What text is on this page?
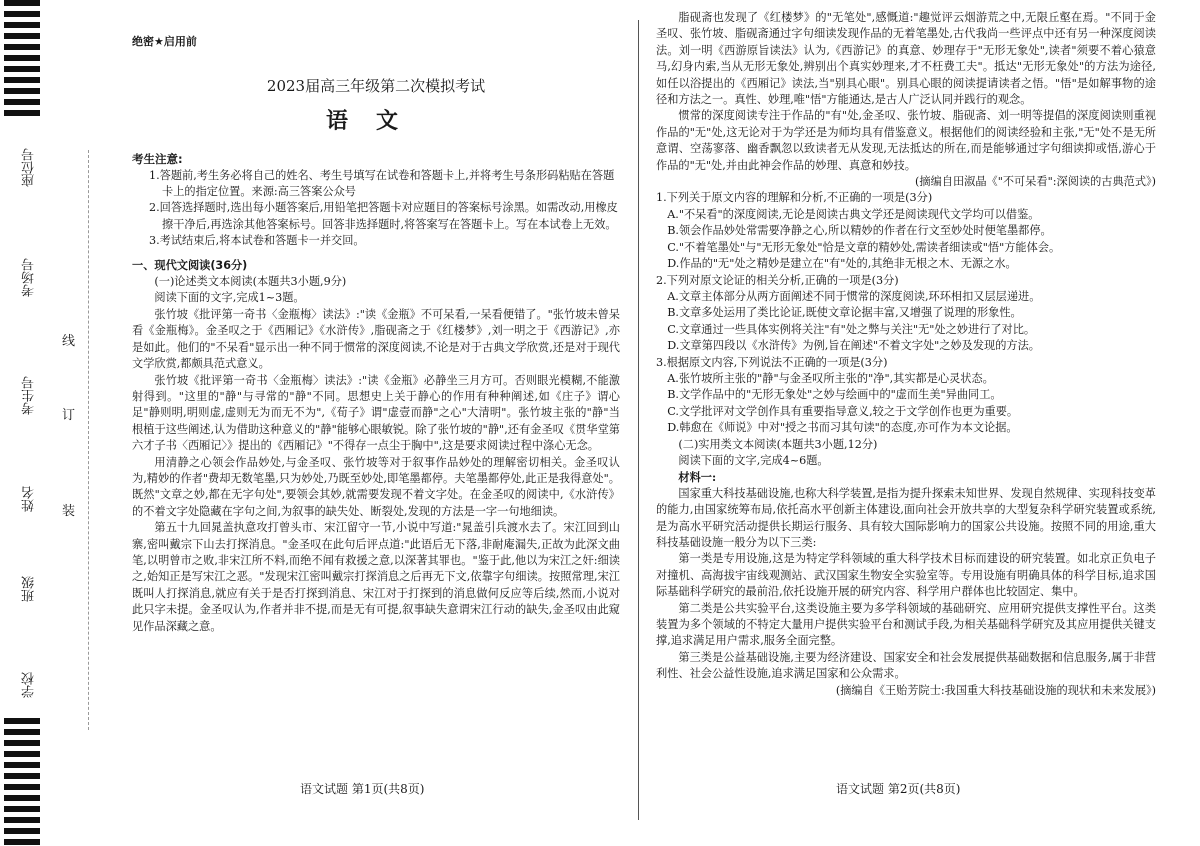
座位号
考场号
考生号
姓名
班级
学校
线
订
装
绝密★启用前
2023届高三年级第二次模拟考试
语文
考生注意:

1.答题前,考生务必将自己的姓名、考生号填写在试卷和答题卡上,并将考生号条形码粘贴在答题卡上的指定位置。来源:高三答案公众号

2.回答选择题时,选出每小题答案后,用铅笔把答题卡对应题目的答案标号涂黑。如需改动,用橡皮擦干净后,再选涂其他答案标号。回答非选择题时,将答案写在答题卡上。写在本试卷上无效。

3.考试结束后,将本试卷和答题卡一并交回。

一、现代文阅读(36分)

(一)论述类文本阅读(本题共3小题,9分)

阅读下面的文字,完成1~3题。

张竹坡《批评第一奇书〈金瓶梅〉读法》:"读《金瓶》不可呆看,一呆看便错了。"张竹坡未曾呆看《金瓶梅》。金圣叹之于《西厢记》《水浒传》,脂砚斋之于《红楼梦》,刘一明之于《西游记》,亦是如此。他们的"不呆看"显示出一种不同于惯常的深度阅读,不论是对于古典文学欣赏,还是对于现代文学欣赏,都颇具范式意义。

张竹坡《批评第一奇书〈金瓶梅〉读法》:"读《金瓶》必静坐三月方可。否则眼光模糊,不能激射得到。"这里的"静"与寻常的"静"不同。思想史上关于静心的作用有种种阐述,如《庄子》谓心足"静则明,明则虚,虚则无为而无不为",《荀子》谓"虚壹而静"之心"大清明"。张竹坡主张的"静"当根植于这些阐述,认为借助这种意义的"静"能够心眼敏锐。除了张竹坡的"静",还有金圣叹《贯华堂第六才子书〈西厢记〉》提出的《西厢记》"不得存一点尘于胸中",这是要求阅读过程中涤心无念。

用清静之心领会作品妙处,与金圣叹、张竹坡等对于叙事作品妙处的理解密切相关。金圣叹认为,精妙的作者"费却无数笔墨,只为妙处,乃既至妙处,即笔墨都停。夫笔墨都停处,此正是我得意处"。既然"文章之妙,都在无字句处",要领会其妙,就需要发现不着文字处。在金圣叹的阅读中,《水浒传》的不着文字处隐藏在字句之间,为叙事的缺失处、断裂处,发现的方法是一字一句地细读。

第五十九回晁盖执意攻打曾头市、宋江留守一节,小说中写道:"晁盖引兵渡水去了。宋江回到山寨,密叫戴宗下山去打探消息。"金圣叹在此句后评点道:"此语后无下落,非耐庵漏失,正故为此深文曲笔,以明曾市之败,非宋江所不料,而绝不闻有救援之意,以深著其罪也。"鉴于此,他以为宋江之奸:细读之,始知正是写宋江之恶。"发现宋江密叫戴宗打探消息之后再无下文,依靠字句细读。按照常理,宋江既叫人打探消息,就应有关于是否打探到消息、宋江对于打探到的消息做何反应等后续,然而,小说对此只字未提。金圣叹认为,作者并非不提,而是无有可提,叙事缺失意谓宋江行动的缺失,金圣叹由此窥见作品深藏之意。

语文试题 第1页(共8页)

脂砚斋也发现了《红楼梦》的"无笔处",感慨道:"趣觉评云烟游荒之中,无限丘壑在焉。"不同于金圣叹、张竹坡、脂砚斋通过字句细读发现作品的无着笔墨处,古代我尚一些评点中还有另一种深度阅读法。刘一明《西游原旨读法》认为,《西游记》的真意、妙理存于"无形无象处",读者"须要不着心猿意马,幻身内索,当从无形无象处,辨别出个真实妙理来,才不枉费工夫"。抵达"无形无象处"的方法为途径,如任以浴提出的《西厢记》读法,当"别具心眼"。别具心眼的阅读提请读者之悟。"悟"是如解事物的途径和方法之一。真性、妙理,唯"悟"方能通达,是古人广泛认同并践行的观念。

惯常的深度阅读专注于作品的"有"处,金圣叹、张竹坡、脂砚斋、刘一明等提倡的深度阅读则重视作品的"无"处,这无论对于为学还是为师均具有借鉴意义。根据他们的阅读经验和主张,"无"处不是无所意谓、空荡寥落、幽香飘忽以致读者无从发现,无法抵达的所在,而是能够通过字句细读抑或悟,游心于作品的"无"处,并由此神会作品的妙理、真意和妙技。

(摘编自田淑晶《"不可呆看":深阅读的古典范式》)

1.下列关于原文内容的理解和分析,不正确的一项是(3分)

A."不呆看"的深度阅读,无论是阅读古典文学还是阅读现代文学均可以借鉴。

B.领会作品妙处常需要净静之心,所以精妙的作者在行文至妙处时便笔墨都停。

C."不着笔墨处"与"无形无象处"恰是文章的精妙处,需读者细读或"悟"方能体会。

D.作品的"无"处之精妙是建立在"有"处的,其绝非无根之木、无源之水。

2.下列对原文论证的相关分析,正确的一项是(3分)

A.文章主体部分从两方面阐述不同于惯常的深度阅读,环环相扣又层层递进。

B.文章多处运用了类比论证,既使文章论据丰富,又增强了说理的形象性。

C.文章通过一些具体实例将关注"有"处之弊与关注"无"处之妙进行了对比。

D.文章第四段以《水浒传》为例,旨在阐述"不着文字处"之妙及发现的方法。

3.根据原文内容,下列说法不正确的一项是(3分)

A.张竹坡所主张的"静"与金圣叹所主张的"净",其实都是心灵状态。

B.文学作品中的"无形无象处"之妙与绘画中的"虚而生美"异曲同工。

C.文学批评对文学创作具有重要指导意义,较之于文学创作也更为重要。

D.韩愈在《师说》中对"授之书而习其句读"的态度,亦可作为本文论据。

(二)实用类文本阅读(本题共3小题,12分)

阅读下面的文字,完成4~6题。

材料一:

国家重大科技基础设施,也称大科学装置,是指为提升探索未知世界、发现自然规律、实现科技变革的能力,由国家统筹布局,依托高水平创新主体建设,面向社会开放共享的大型复杂科学研究装置或系统,是为高水平研究活动提供长期运行服务、具有较大国际影响力的国家公共设施。按照不同的用途,重大科技基础设施一般分为以下三类:

第一类是专用设施,这是为特定学科领域的重大科学技术目标而建设的研究装置。如北京正负电子对撞机、高海拔宇宙线观测站、武汉国家生物安全实验室等。专用设施有明确具体的科学目标,追求国际基础科学研究的最前沿,依托设施开展的研究内容、科学用户群体也比较固定、集中。

第二类是公共实验平台,这类设施主要为多学科领域的基础研究、应用研究提供支撑性平台。这类装置为多个领域的不特定大量用户提供实验平台和测试手段,为相关基础科学研究及其应用提供关键支撑,追求满足用户需求,服务全面完整。

第三类是公益基础设施,主要为经济建设、国家安全和社会发展提供基础数据和信息服务,属于非营利性、社会公益性设施,追求满足国家和公众需求。

(摘编自《王贻芳院士:我国重大科技基础设施的现状和未来发展》)

语文试题 第2页(共8页)
